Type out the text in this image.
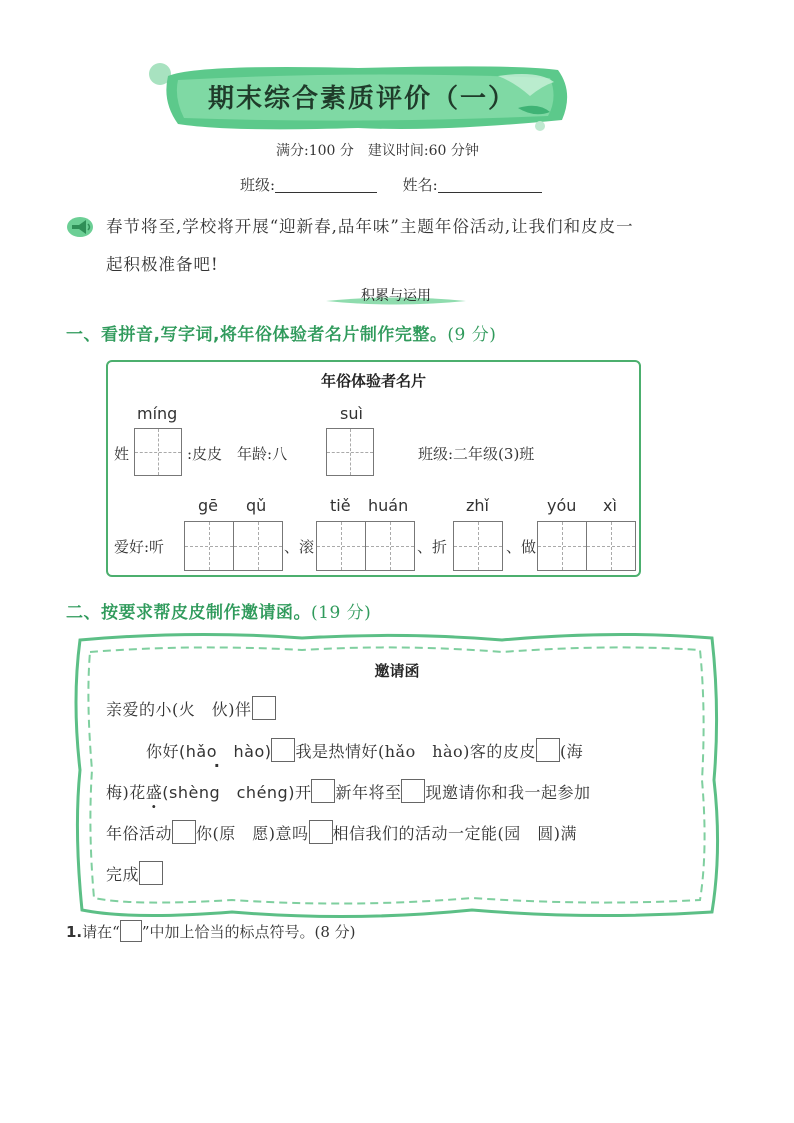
期末综合素质评价（一）
满分:100 分　建议时间:60 分钟
班级:	姓名:
春节将至,学校将开展“迎新春,品年味”主题年俗活动,让我们和皮皮一
起积极准备吧!
积累与运用
一、看拼音,写字词,将年俗体验者名片制作完整。(9 分)
年俗体验者名片
míng	suì
姓	:皮皮　年龄:八	班级:二年级(3)班
gē qǔ	tiě huán	zhǐ	yóu xì
爱好:听	、滚	、折	、做
二、按要求帮皮皮制作邀请函。(19 分)
邀请函
亲爱的小(火　伙)伴
你好(hǎo　hào) · 我是热情好(hǎo　hào)客的皮皮 (海
梅)花盛(shèng　chéng)开 新年将至 现邀请你和我一起参加
年俗活动 你(原　愿)意吗 相信我们的活动一定能(园　圆)满
完成
1.请在“ ”中加上恰当的标点符号。(8 分)
